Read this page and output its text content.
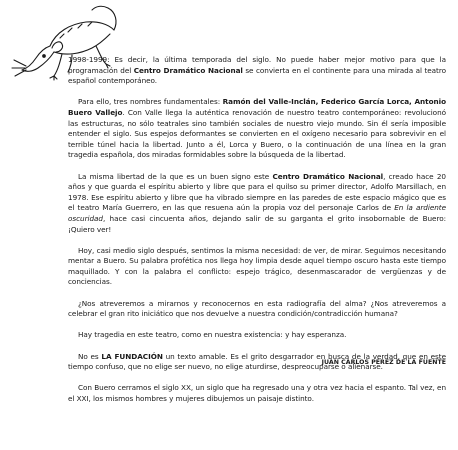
1998-1999: Es decir, la última temporada del siglo. No puede haber mejor motivo para que la programación del Centro Dramático Nacional se convierta en el continente para una mirada al teatro español contemporáneo.

Para ello, tres nombres fundamentales: Ramón del Valle-Inclán, Federico García Lorca, Antonio Buero Vallejo. Con Valle llega la auténtica renovación de nuestro teatro contemporáneo: revolucionó las estructuras, no sólo teatrales sino también sociales de nuestro viejo mundo. Sin él sería imposible entender el siglo. Sus espejos deformantes se convierten en el oxígeno necesario para sobrevivir en el terrible túnel hacia la libertad. Junto a él, Lorca y Buero, o la continuación de una línea en la gran tragedia española, dos miradas formidables sobre la búsqueda de la libertad.

La misma libertad de la que es un buen signo este Centro Dramático Nacional, creado hace 20 años y que guarda el espíritu abierto y libre que para el quilso su primer director, Adolfo Marsillach, en 1978. Ese espíritu abierto y libre que ha vibrado siempre en las paredes de este espacio mágico que es el teatro María Guerrero, en las que resuena aún la propia voz del personaje Carlos de En la ardiente oscuridad, hace casi cincuenta años, dejando salir de su garganta el grito insobornable de Buero: ¡Quiero ver!

Hoy, casi medio siglo después, sentimos la misma necesidad: de ver, de mirar. Seguimos necesitando mentar a Buero. Su palabra profética nos llega hoy limpia desde aquel tiempo oscuro hasta este tiempo maquillado. Y con la palabra el conflicto: espejo trágico, desenmascarador de vergüenzas y de conciencias.

¿Nos atreveremos a mirarnos y reconocernos en esta radiografía del alma? ¿Nos atreveremos a celebrar el gran rito iniciático que nos devuelve a nuestra condición/contradicción humana?

Hay tragedia en este teatro, como en nuestra existencia: y hay esperanza.

No es LA FUNDACIÓN un texto amable. Es el grito desgarrador en busca de la verdad, que en este tiempo confuso, que no elige ser nuevo, no elige aturdirse, despreocuparse o alienarse.

Con Buero cerramos el siglo XX, un siglo que ha regresado una y otra vez hacia el espanto. Tal vez, en el XXI, los mismos hombres y mujeres dibujemos un paisaje distinto.

JUAN CARLOS PÉREZ DE LA FUENTE
